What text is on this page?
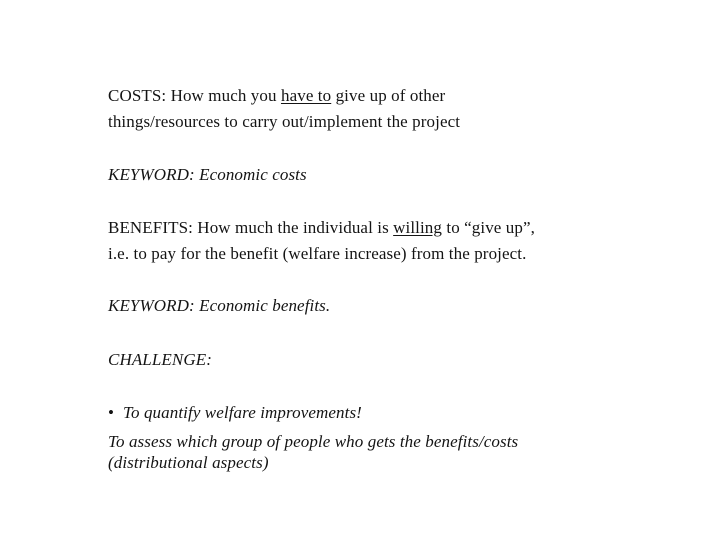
COSTS: How much you have to give up of other
things/resources to carry out/implement the project
KEYWORD: Economic costs
BENEFITS: How much the individual is willing to “give up”,
i.e. to pay for the benefit (welfare increase) from the project.
KEYWORD: Economic benefits.
CHALLENGE:
• To quantify welfare improvements!
To assess which group of people who gets the benefits/costs
(distributional aspects)
